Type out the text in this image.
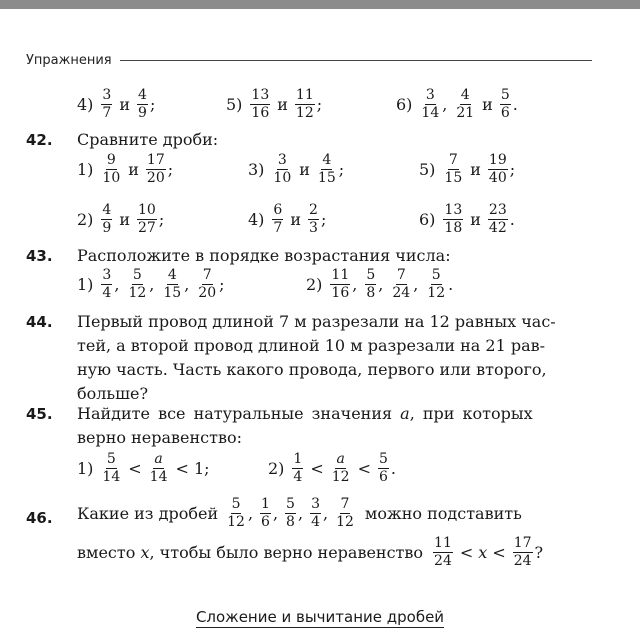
Упражнения
$4) \frac{3}{7}$ и $\frac{4}{9}$ ;	$5) \frac{13}{16}$ и $\frac{11}{12}$ ;	$6) \frac{3}{14}$ , $\frac{4}{21}$ и $\frac{5}{6}$ .
42. Сравните дроби:
$1) \frac{9}{10}$ и $\frac{17}{20}$ ;	$3) \frac{3}{10}$ и $\frac{4}{15}$ ;	$5) \frac{7}{15}$ и $\frac{19}{40}$ ;
$2) \frac{4}{9}$ и $\frac{10}{27}$ ;	$4) \frac{6}{7}$ и $\frac{2}{3}$ ;	$6) \frac{13}{18}$ и $\frac{23}{42}$ .
43. Расположите в порядке возрастания числа:
$1) \frac{3}{4}$ , $\frac{5}{12}$ , $\frac{4}{15}$ , $\frac{7}{20}$ ;	$2) \frac{11}{16}$ , $\frac{5}{8}$ , $\frac{7}{24}$ , $\frac{5}{12}$ .
44. Первый провод длиной 7 м разрезали на 12 равных час-
тей, а второй провод длиной 10 м разрезали на 21 рав-
ную часть. Часть какого провода, первого или второго,
больше?
45. Найдите все натуральные значения a, при которых
верно неравенство:
$1) \frac{5}{14} < \frac{a}{14} < 1$;	$2) \frac{1}{4} < \frac{a}{12} < \frac{5}{6}$ .
46. Какие из дробей $\frac{5}{12}$ , $\frac{1}{6}$ , $\frac{5}{8}$ , $\frac{3}{4}$ , $\frac{7}{12}$ можно подставить
вместо
x , чтобы было верно неравенство $\frac{11}{24} < x < \frac{17}{24}$ ?
Сложение и вычитание дробей
